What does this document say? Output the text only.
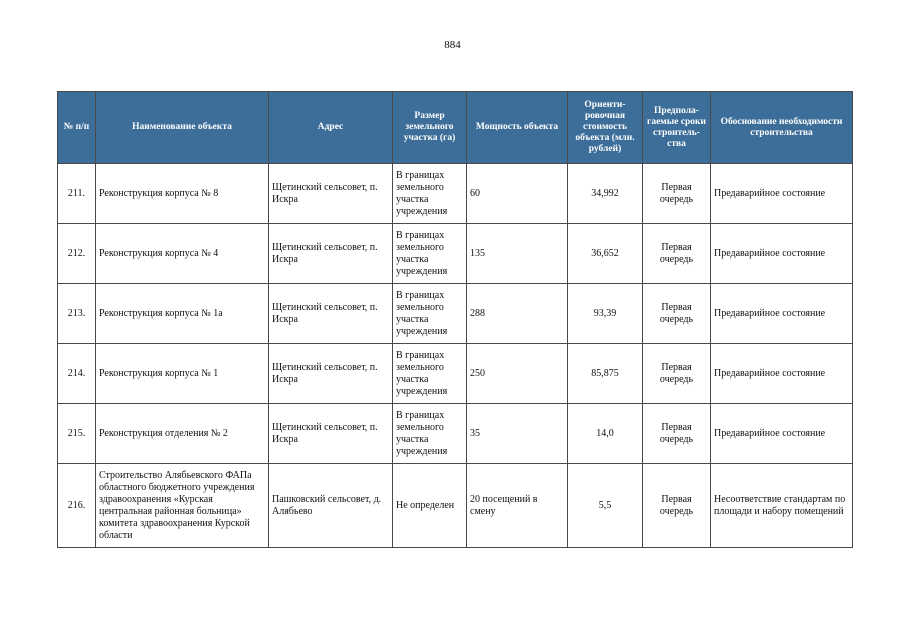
884
№ п/п	Наименование объекта	Адрес	Размер земельного участка (га)	Мощность объекта	Ориенти-ровочная стоимость объекта (млн. рублей)	Предпола-гаемые сроки строитель-ства	Обоснование необходимости строительства
211.	Реконструкция корпуса № 8	Щетинский сельсовет, п. Искра	В границах земельного участка учреждения	60	34,992	Первая очередь	Предаварийное состояние
212.	Реконструкция корпуса № 4	Щетинский сельсовет, п. Искра	В границах земельного участка учреждения	135	36,652	Первая очередь	Предаварийное состояние
213.	Реконструкция корпуса № 1а	Щетинский сельсовет, п. Искра	В границах земельного участка учреждения	288	93,39	Первая очередь	Предаварийное состояние
214.	Реконструкция корпуса № 1	Щетинский сельсовет, п. Искра	В границах земельного участка учреждения	250	85,875	Первая очередь	Предаварийное состояние
215.	Реконструкция отделения № 2	Щетинский сельсовет, п. Искра	В границах земельного участка учреждения	35	14,0	Первая очередь	Предаварийное состояние
216.	Строительство Алябьевского ФАПа областного бюджетного учреждения здравоохранения «Курская центральная районная больница» комитета здравоохранения Курской области	Пашковский сельсовет, д. Алябьево	Не определен	20 посещений в смену	5,5	Первая очередь	Несоответствие стандартам по площади и набору помещений
